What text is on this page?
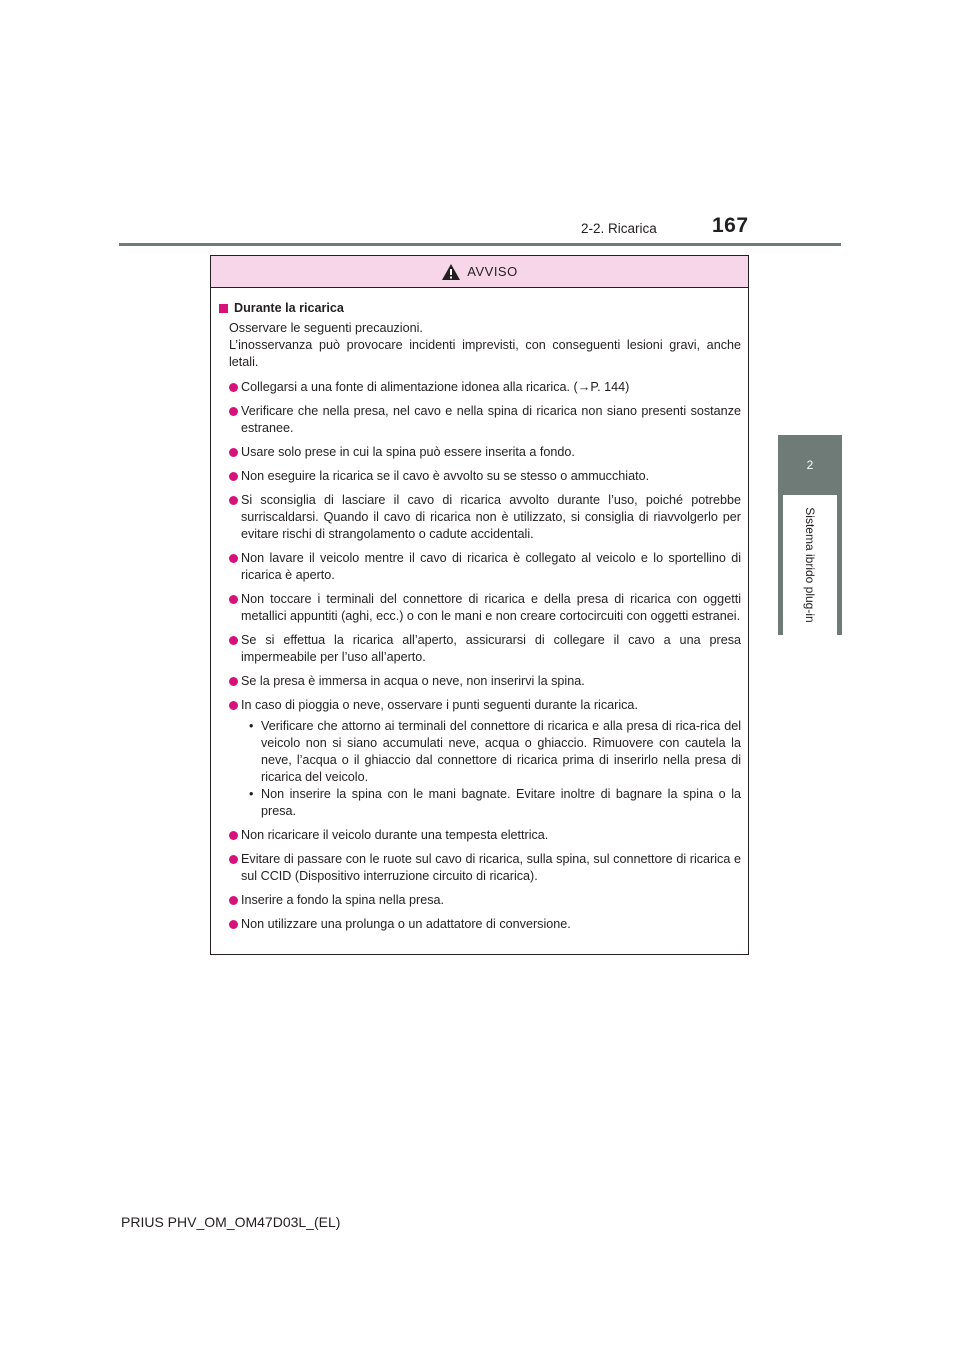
2-2. Ricarica	167
2
Sistema ibrido plug-in
AVVISO
Durante la ricarica
Osservare le seguenti precauzioni.
L’inosservanza può provocare incidenti imprevisti, con conseguenti lesioni gravi, anche letali.
Collegarsi a una fonte di alimentazione idonea alla ricarica. (→P. 144)
Verificare che nella presa, nel cavo e nella spina di ricarica non siano presenti sostanze estranee.
Usare solo prese in cui la spina può essere inserita a fondo.
Non eseguire la ricarica se il cavo è avvolto su se stesso o ammucchiato.
Si sconsiglia di lasciare il cavo di ricarica avvolto durante l’uso, poiché potrebbe surriscaldarsi. Quando il cavo di ricarica non è utilizzato, si consiglia di riavvolgerlo per evitare rischi di strangolamento o cadute accidentali.
Non lavare il veicolo mentre il cavo di ricarica è collegato al veicolo e lo sportellino di ricarica è aperto.
Non toccare i terminali del connettore di ricarica e della presa di ricarica con oggetti metallici appuntiti (aghi, ecc.) o con le mani e non creare cortocircuiti con oggetti estranei.
Se si effettua la ricarica all’aperto, assicurarsi di collegare il cavo a una presa impermeabile per l’uso all’aperto.
Se la presa è immersa in acqua o neve, non inserirvi la spina.
In caso di pioggia o neve, osservare i punti seguenti durante la ricarica.
• Verificare che attorno ai terminali del connettore di ricarica e alla presa di rica-rica del veicolo non si siano accumulati neve, acqua o ghiaccio. Rimuovere con cautela la neve, l’acqua o il ghiaccio dal connettore di ricarica prima di inserirlo nella presa di ricarica del veicolo.
• Non inserire la spina con le mani bagnate. Evitare inoltre di bagnare la spina o la presa.
Non ricaricare il veicolo durante una tempesta elettrica.
Evitare di passare con le ruote sul cavo di ricarica, sulla spina, sul connettore di ricarica e sul CCID (Dispositivo interruzione circuito di ricarica).
Inserire a fondo la spina nella presa.
Non utilizzare una prolunga o un adattatore di conversione.
PRIUS PHV_OM_OM47D03L_(EL)
